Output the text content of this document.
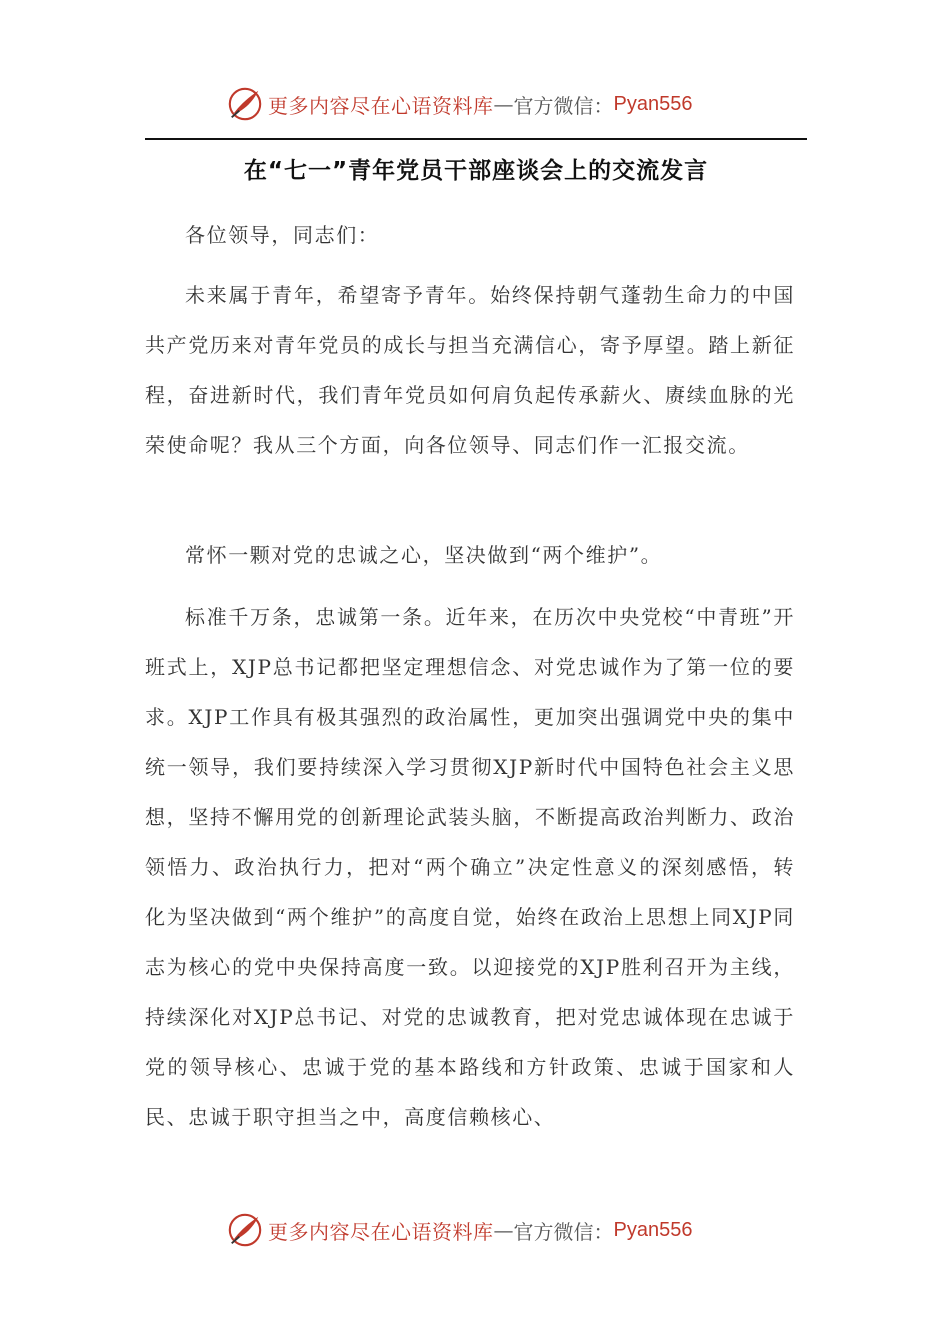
更多内容尽在心语资料库 — 官方微信： Pyan556
在“七一”青年党员干部座谈会上的交流发言
各位领导，同志们：
未来属于青年，希望寄予青年。始终保持朝气蓬勃生命力的中国共产党历来对青年党员的成长与担当充满信心，寄予厚望。踏上新征程，奋进新时代，我们青年党员如何肩负起传承薪火、赓续血脉的光荣使命呢？我从三个方面，向各位领导、同志们作一汇报交流。
常怀一颗对党的忠诚之心，坚决做到“两个维护”。
标准千万条，忠诚第一条。近年来，在历次中央党校“中青班”开班式上，XJP总书记都把坚定理想信念、对党忠诚作为了第一位的要求。XJP工作具有极其强烈的政治属性，更加突出强调党中央的集中统一领导，我们要持续深入学习贯彻XJP新时代中国特色社会主义思想，坚持不懈用党的创新理论武装头脑，不断提高政治判断力、政治领悟力、政治执行力，把对“两个确立”决定性意义的深刻感悟，转化为坚决做到“两个维护”的高度自觉，始终在政治上思想上同XJP同志为核心的党中央保持高度一致。以迎接党的XJP胜利召开为主线，持续深化对XJP总书记、对党的忠诚教育，把对党忠诚体现在忠诚于党的领导核心、忠诚于党的基本路线和方针政策、忠诚于国家和人民、忠诚于职守担当之中，高度信赖核心、
更多内容尽在心语资料库 — 官方微信： Pyan556
